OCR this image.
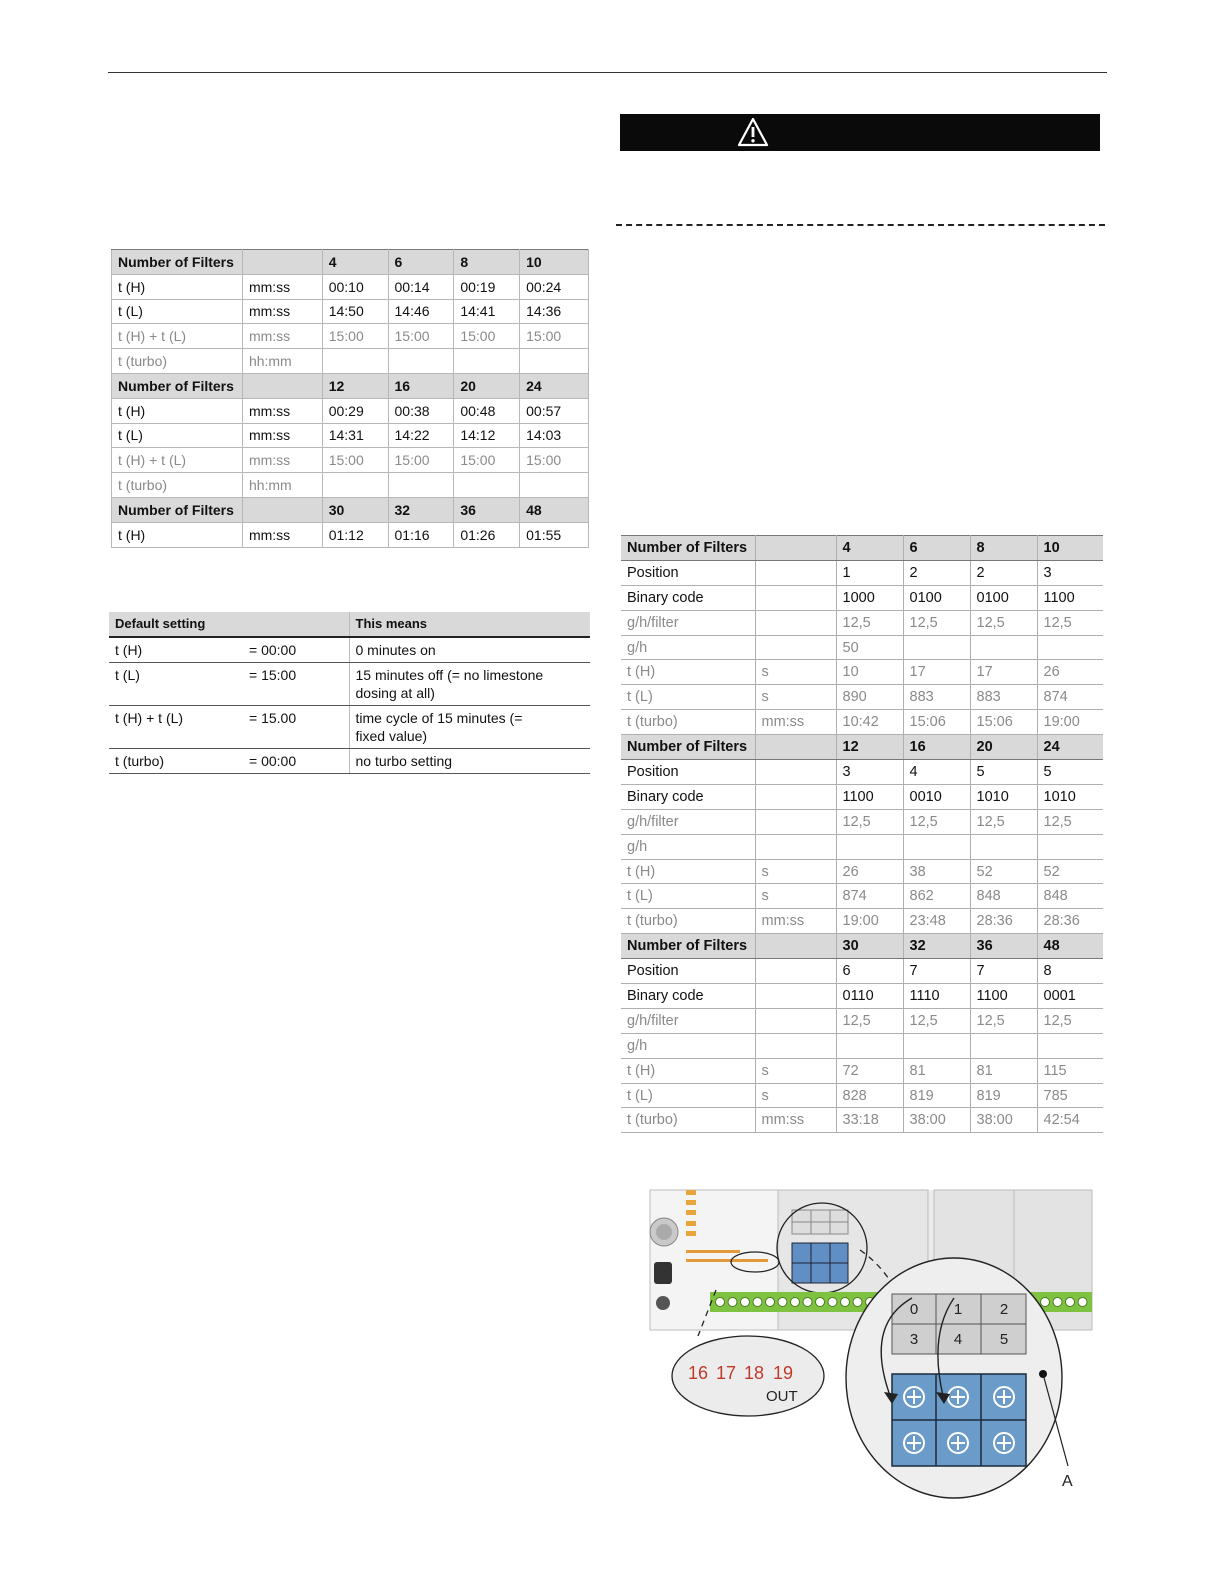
Number of Filters		4	6	8	10
t (H)	mm:ss	00:10	00:14	00:19	00:24
t (L)	mm:ss	14:50	14:46	14:41	14:36
t (H) + t (L)	mm:ss	15:00	15:00	15:00	15:00
t (turbo)	hh:mm				
Number of Filters		12	16	20	24
t (H)	mm:ss	00:29	00:38	00:48	00:57
t (L)	mm:ss	14:31	14:22	14:12	14:03
t (H) + t (L)	mm:ss	15:00	15:00	15:00	15:00
t (turbo)	hh:mm				
Number of Filters		30	32	36	48
t (H)	mm:ss	01:12	01:16	01:26	01:55
Default setting		This means
t (H)	= 00:00	0 minutes on
t (L)	= 15:00	15 minutes off (= no limestone dosing at all)
t (H) + t (L)	= 15.00	time cycle of 15 minutes (= fixed value)
t (turbo)	= 00:00	no turbo setting
Number of Filters		4	6	8	10
Position		1	2	2	3
Binary code		1000	0100	0100	1100
g/h/filter		12,5	12,5	12,5	12,5
g/h		50			
t (H)	s	10	17	17	26
t (L)	s	890	883	883	874
t (turbo)	mm:ss	10:42	15:06	15:06	19:00
Number of Filters		12	16	20	24
Position		3	4	5	5
Binary code		1100	0010	1010	1010
g/h/filter		12,5	12,5	12,5	12,5
g/h					
t (H)	s	26	38	52	52
t (L)	s	874	862	848	848
t (turbo)	mm:ss	19:00	23:48	28:36	28:36
Number of Filters		30	32	36	48
Position		6	7	7	8
Binary code		0110	1110	1100	0001
g/h/filter		12,5	12,5	12,5	12,5
g/h					
t (H)	s	72	81	81	115
t (L)	s	828	819	819	785
t (turbo)	mm:ss	33:18	38:00	38:00	42:54
16 17 18 19
OUT
0 1	2
3 4	5
A
